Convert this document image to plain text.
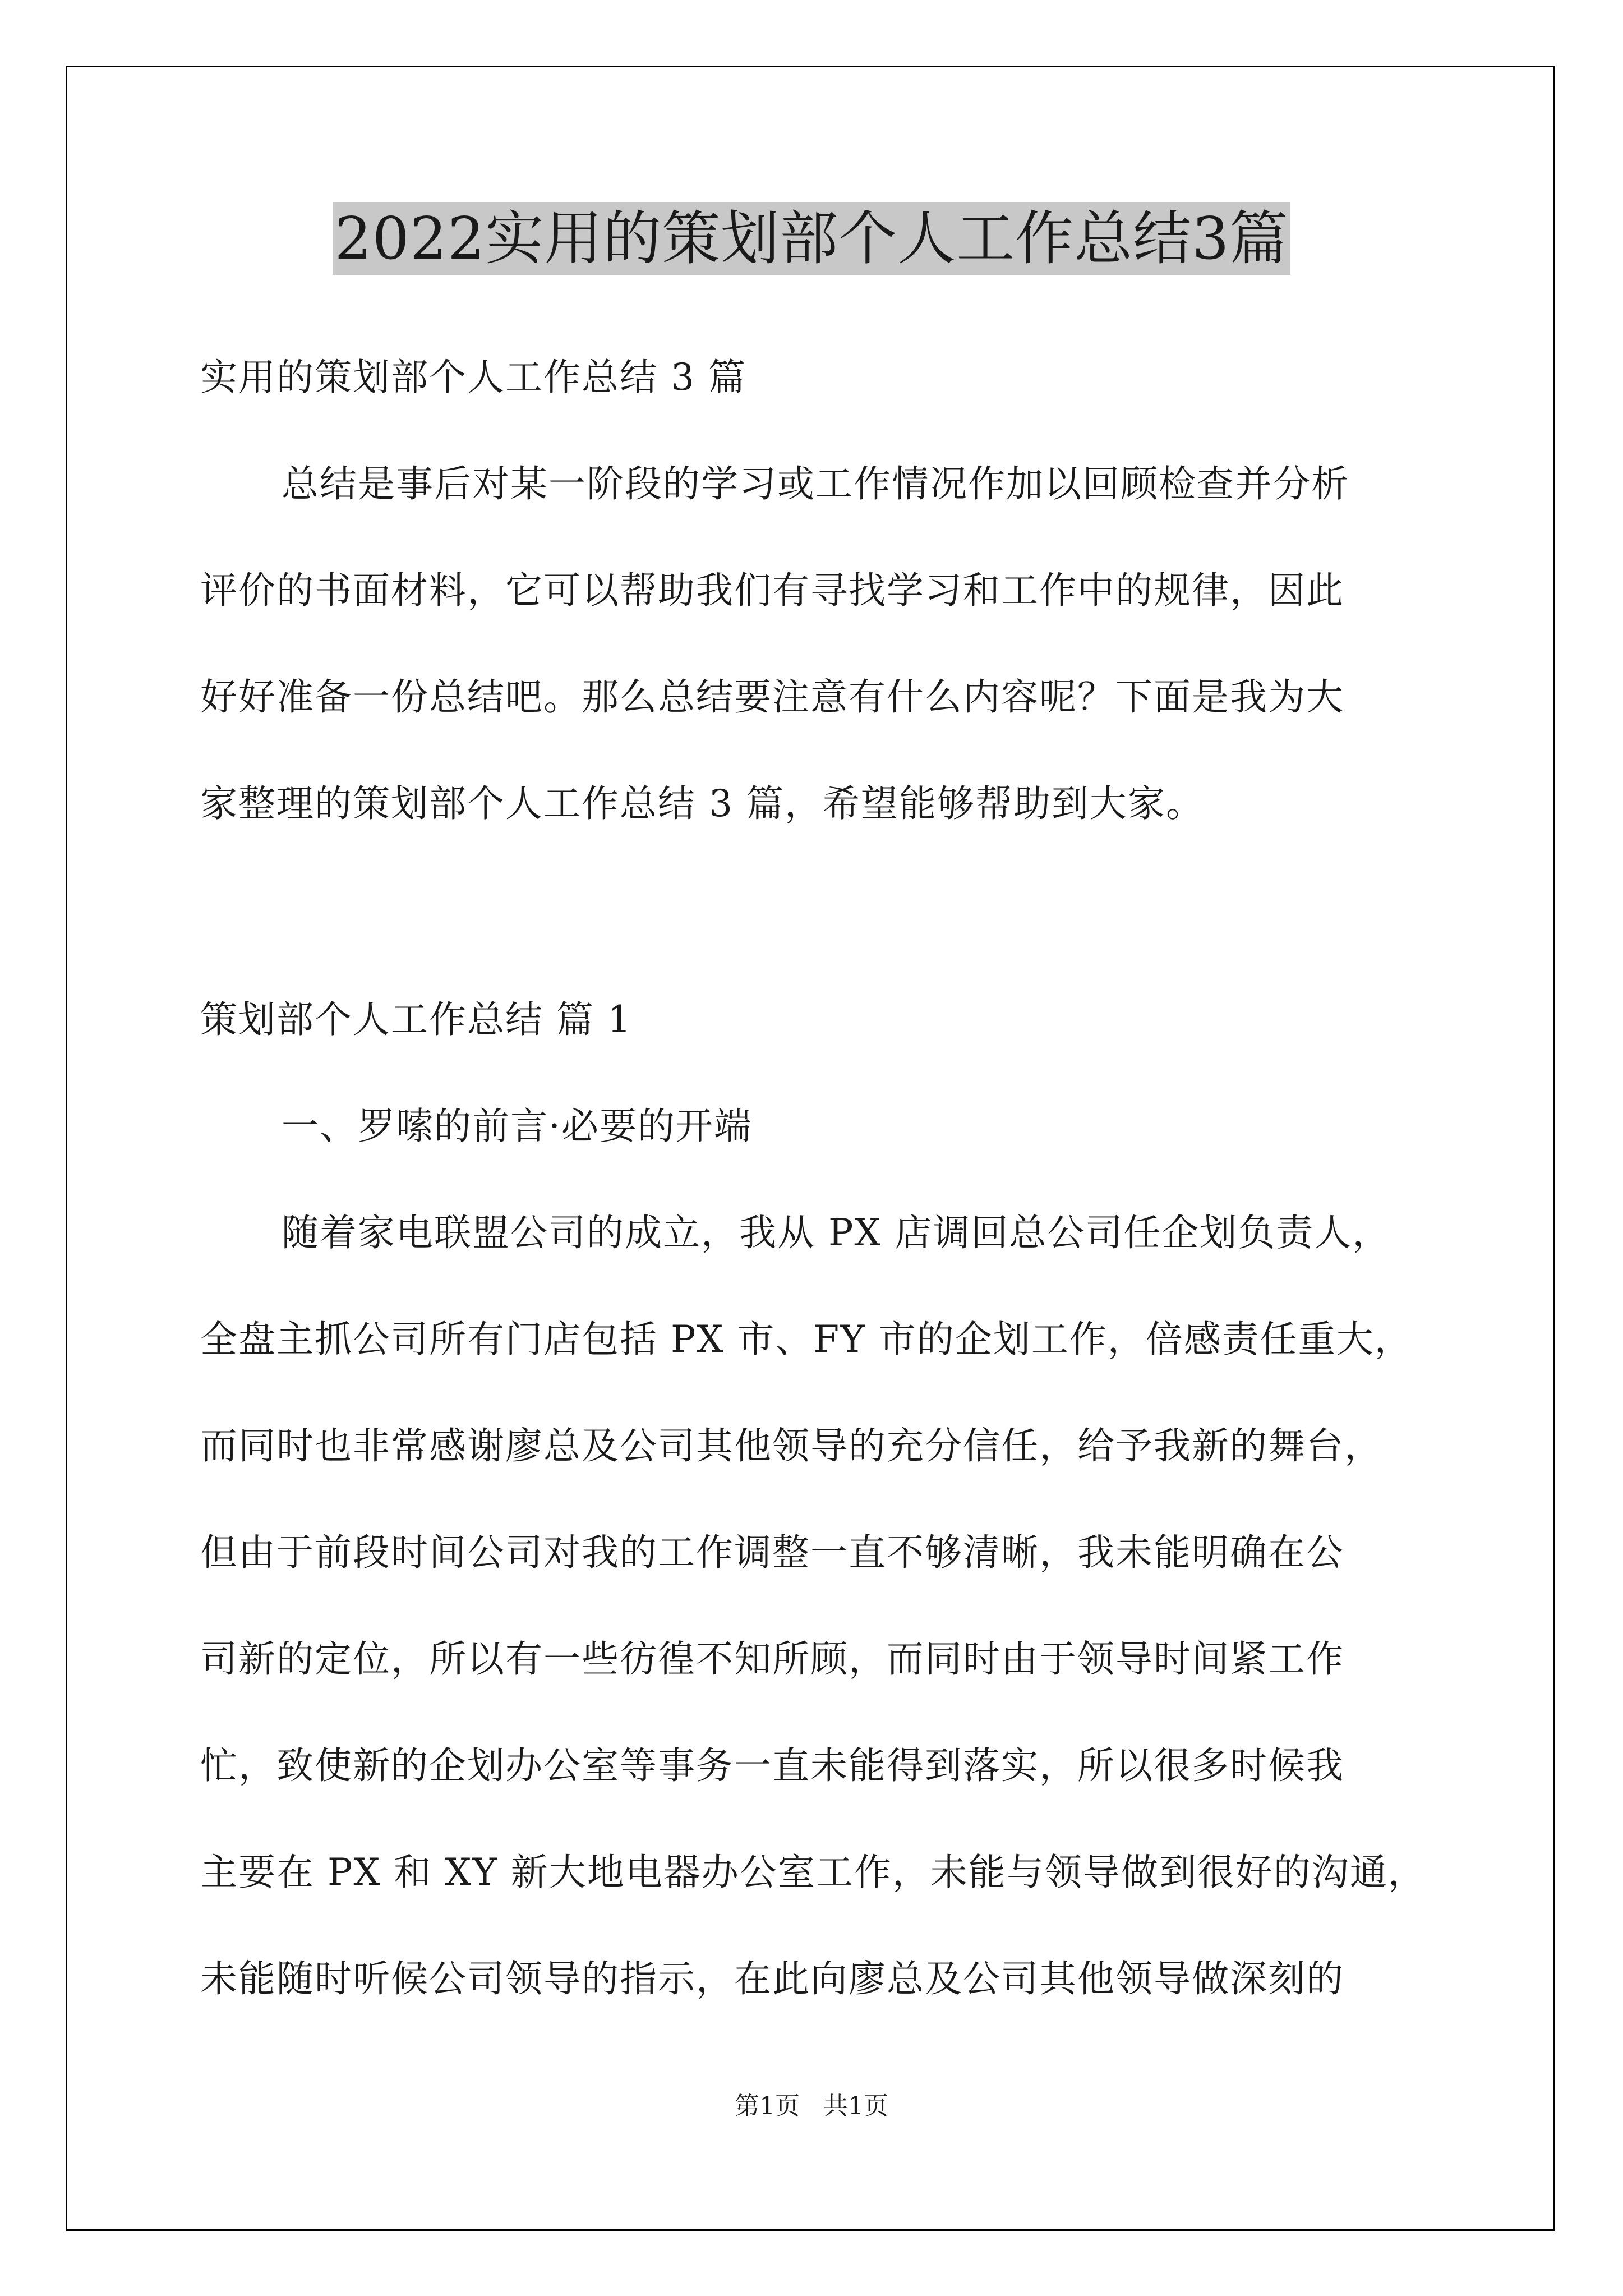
2022实用的策划部个人工作总结3篇
实用的策划部个人工作总结 3 篇
总结是事后对某一阶段的学习或工作情况作加以回顾检查并分析
评价的书面材料，它可以帮助我们有寻找学习和工作中的规律，因此
好好准备一份总结吧。那么总结要注意有什么内容呢？下面是我为大
家整理的策划部个人工作总结 3 篇，希望能够帮助到大家。
策划部个人工作总结 篇 1
一、罗嗦的前言·必要的开端
随着家电联盟公司的成立，我从 PX 店调回总公司任企划负责人，
全盘主抓公司所有门店包括 PX 市、FY 市的企划工作，倍感责任重大，
而同时也非常感谢廖总及公司其他领导的充分信任，给予我新的舞台，
但由于前段时间公司对我的工作调整一直不够清晰，我未能明确在公
司新的定位，所以有一些彷徨不知所顾，而同时由于领导时间紧工作
忙，致使新的企划办公室等事务一直未能得到落实，所以很多时候我
主要在 PX 和 XY 新大地电器办公室工作，未能与领导做到很好的沟通，
未能随时听候公司领导的指示，在此向廖总及公司其他领导做深刻的
第1页   共1页
